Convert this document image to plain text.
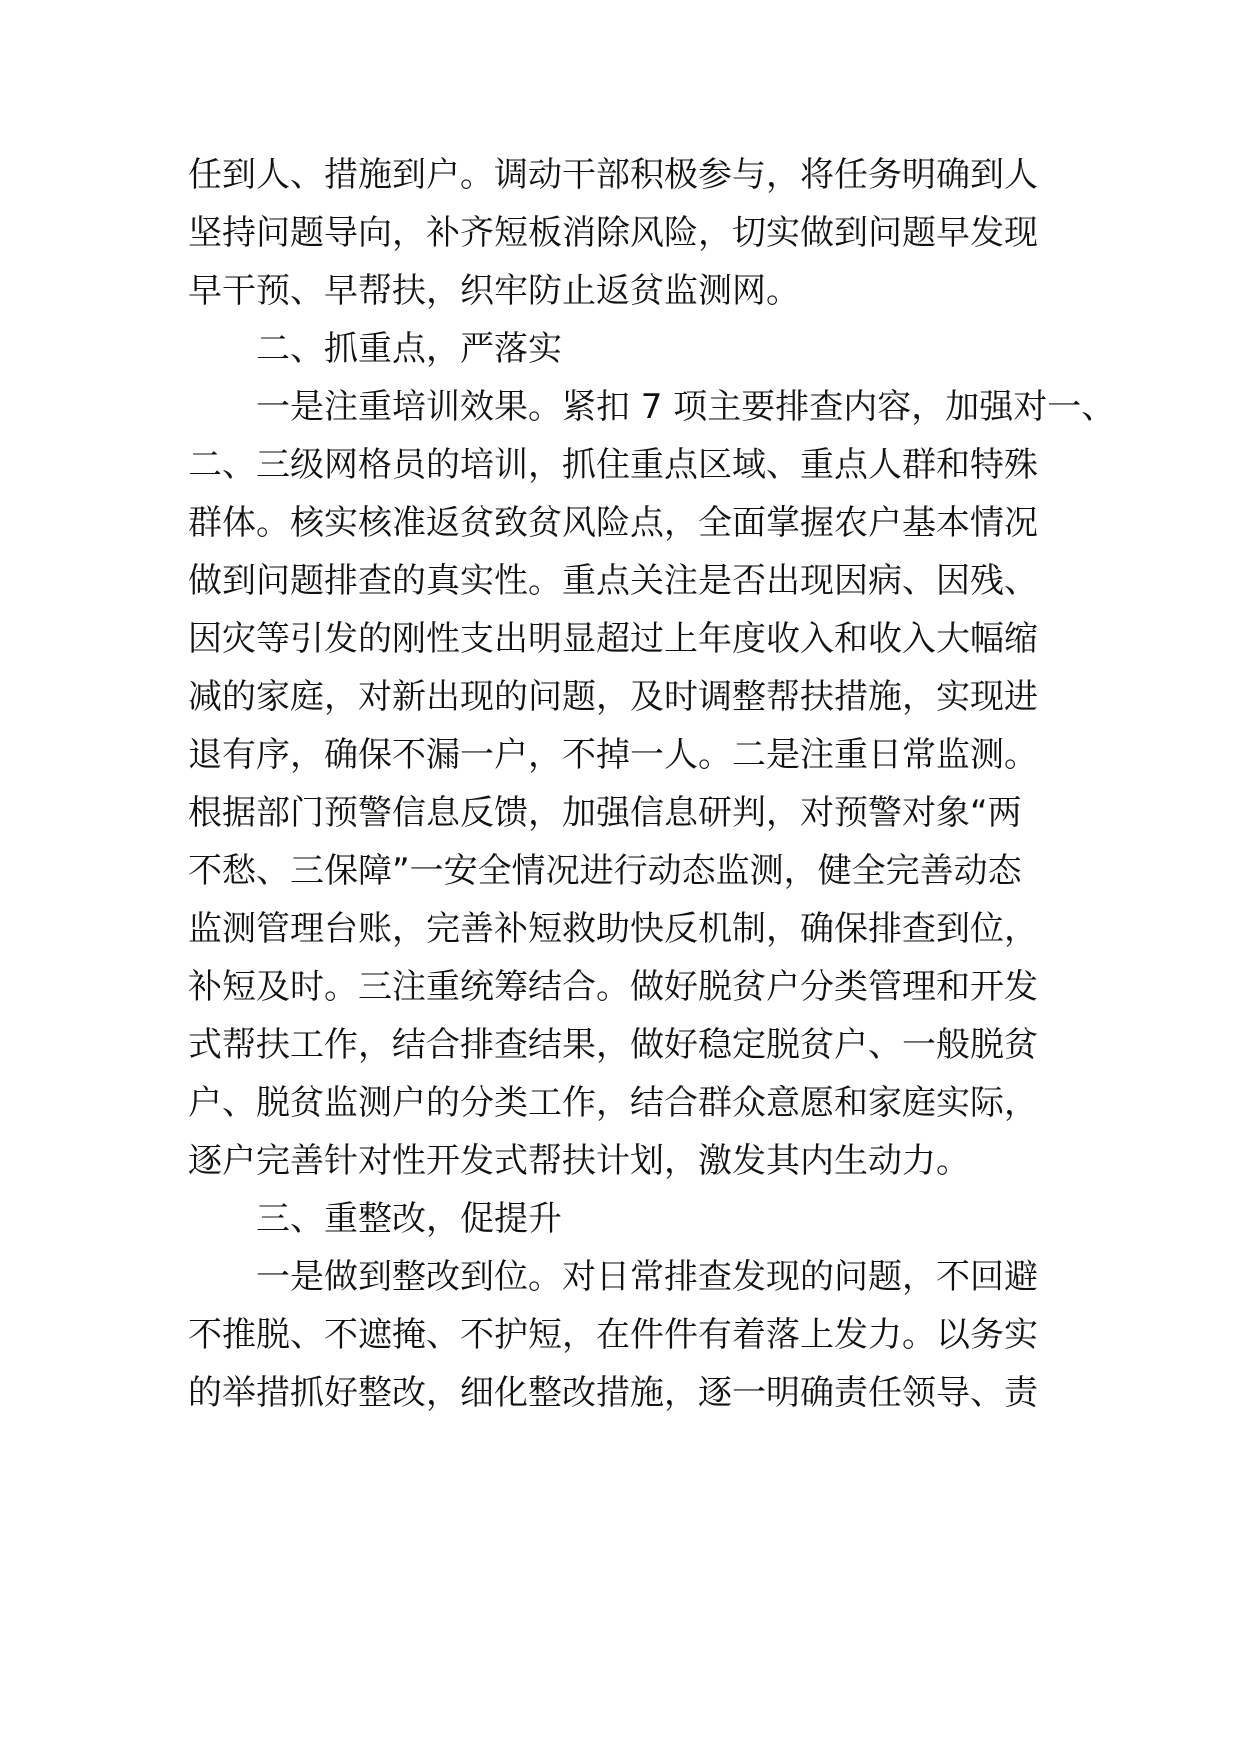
任到人、措施到户。调动干部积极参与，将任务明确到人
坚持问题导向，补齐短板消除风险，切实做到问题早发现
早干预、早帮扶，织牢防止返贫监测网。
二、抓重点，严落实
一是注重培训效果。紧扣 7 项主要排查内容，加强对一、
二、三级网格员的培训，抓住重点区域、重点人群和特殊
群体。核实核准返贫致贫风险点，全面掌握农户基本情况
做到问题排查的真实性。重点关注是否出现因病、因残、
因灾等引发的刚性支出明显超过上年度收入和收入大幅缩
减的家庭，对新出现的问题，及时调整帮扶措施，实现进
退有序，确保不漏一户，不掉一人。二是注重日常监测。
根据部门预警信息反馈，加强信息研判，对预警对象“两
不愁、三保障”一安全情况进行动态监测，健全完善动态
监测管理台账，完善补短救助快反机制，确保排查到位，
补短及时。三注重统筹结合。做好脱贫户分类管理和开发
式帮扶工作，结合排查结果，做好稳定脱贫户、一般脱贫
户、脱贫监测户的分类工作，结合群众意愿和家庭实际，
逐户完善针对性开发式帮扶计划，激发其内生动力。
三、重整改，促提升
一是做到整改到位。对日常排查发现的问题，不回避
不推脱、不遮掩、不护短，在件件有着落上发力。以务实
的举措抓好整改，细化整改措施，逐一明确责任领导、责
